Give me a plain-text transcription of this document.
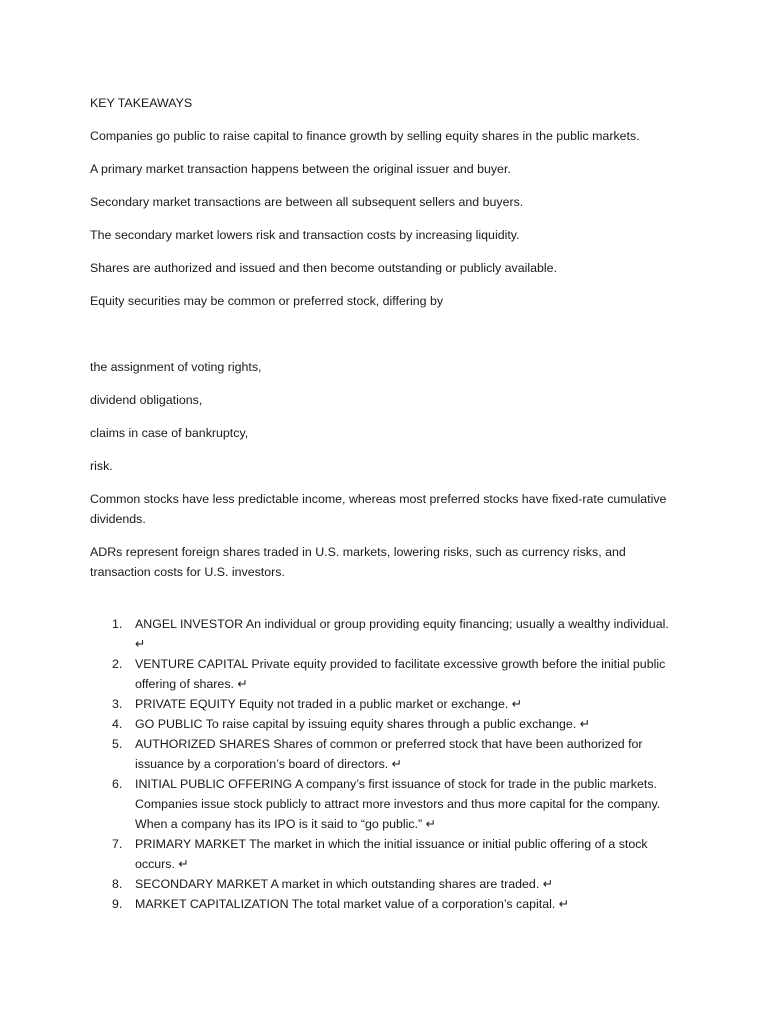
KEY TAKEAWAYS

Companies go public to raise capital to finance growth by selling equity shares in the public markets.

A primary market transaction happens between the original issuer and buyer.

Secondary market transactions are between all subsequent sellers and buyers.

The secondary market lowers risk and transaction costs by increasing liquidity.

Shares are authorized and issued and then become outstanding or publicly available.

Equity securities may be common or preferred stock, differing by

the assignment of voting rights,

dividend obligations,

claims in case of bankruptcy,

risk.

Common stocks have less predictable income, whereas most preferred stocks have fixed-rate cumulative dividends.

ADRs represent foreign shares traded in U.S. markets, lowering risks, such as currency risks, and transaction costs for U.S. investors.

1. ANGEL INVESTOR An individual or group providing equity financing; usually a wealthy individual. ↵
2. VENTURE CAPITAL Private equity provided to facilitate excessive growth before the initial public offering of shares. ↵
3. PRIVATE EQUITY Equity not traded in a public market or exchange. ↵
4. GO PUBLIC To raise capital by issuing equity shares through a public exchange. ↵
5. AUTHORIZED SHARES Shares of common or preferred stock that have been authorized for issuance by a corporation’s board of directors. ↵
6. INITIAL PUBLIC OFFERING A company’s first issuance of stock for trade in the public markets. Companies issue stock publicly to attract more investors and thus more capital for the company. When a company has its IPO is it said to “go public.” ↵
7. PRIMARY MARKET The market in which the initial issuance or initial public offering of a stock occurs. ↵
8. SECONDARY MARKET A market in which outstanding shares are traded. ↵
9. MARKET CAPITALIZATION The total market value of a corporation’s capital. ↵
